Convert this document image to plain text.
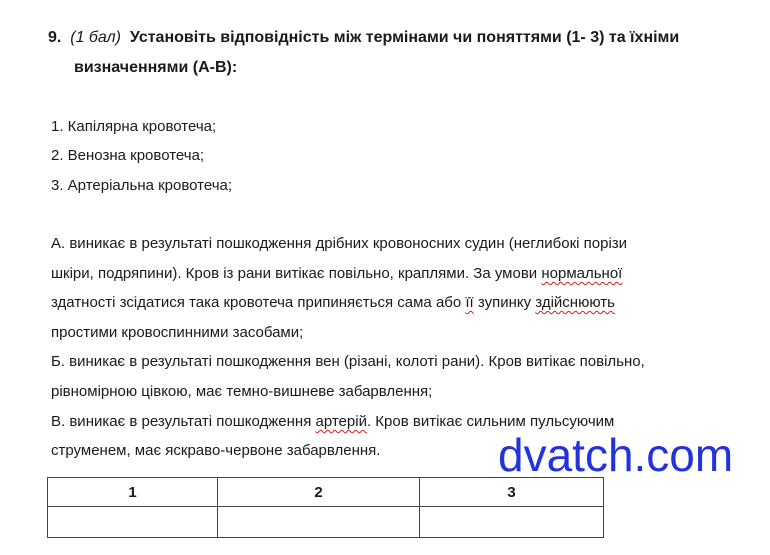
9. (1 бал) Установіть відповідність між термінами чи поняттями (1- 3) та їхніми
визначеннями (А-В):
1. Капілярна кровотеча;
2. Венозна кровотеча;
3. Артеріальна кровотеча;
А. виникає в результаті пошкодження дрібних кровоносних судин (неглибокі порізи
шкіри, подряпини). Кров із рани витікає повільно, краплями. За умови нормальної
здатності зсідатися така кровотеча припиняється сама або її зупинку здійснюють
простими кровоспинними засобами;
Б. виникає в результаті пошкодження вен (різані, колоті рани). Кров витікає повільно,
рівномірною цівкою, має темно-вишневе забарвлення;
В. виникає в результаті пошкодження артерій. Кров витікає сильним пульсуючим
струменем, має яскраво-червоне забарвлення.
1	2	3

dvatch.com
